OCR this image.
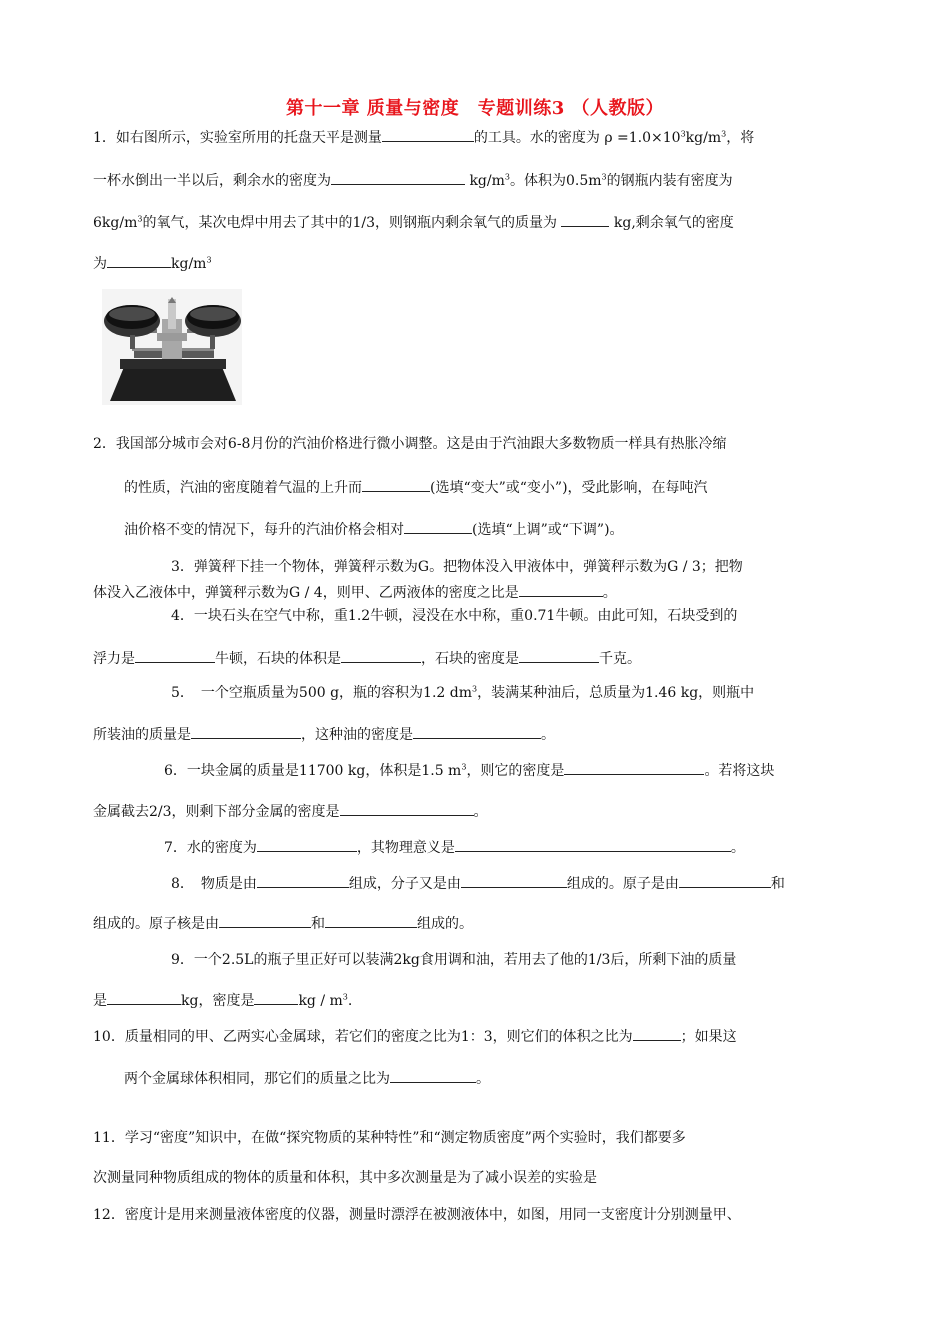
第十一章 质量与密度　专题训练3 （人教版）
1．如右图所示，实验室所用的托盘天平是测量	的工具。水的密度为 $\rho =1.0\times 10^3kg/m^3$，将
一杯水倒出一半以后，剩余水的密度为	$kg/m^3$。体积为$0.5m^3$的钢瓶内装有密度为
$6kg/m^3$的氧气，某次电焊中用去了其中的1/3，则钢瓶内剩余氧气的质量为	kg,剩余氧气的密度
为	$kg/m^3$
2．我国部分城市会对6-8月份的汽油价格进行微小调整。这是由于汽油跟大多数物质一样具有热胀冷缩
的性质，汽油的密度随着气温的上升而	(选填“变大”或“变小”)，受此影响，在每吨汽
油价格不变的情况下，每升的汽油价格会相对	(选填“上调”或“下调”)。
3．弹簧秤下挂一个物体，弹簧秤示数为G。把物体没入甲液体中，弹簧秤示数为G / 3；把物
体没入乙液体中，弹簧秤示数为G / 4，则甲、乙两液体的密度之比是	。
4．一块石头在空气中称，重1.2牛顿，浸没在水中称，重0.71牛顿。由此可知，石块受到的
浮力是	牛顿，石块的体积是	，石块的密度是	千克。
5．　一个空瓶质量为500 g，瓶的容积为1.2 $dm^3$，装满某种油后，总质量为1.46 kg，则瓶中
所装油的质量是	，这种油的密度是	。
6．一块金属的质量是11700 kg，体积是1.5 $m^3$，则它的密度是	。若将这块
金属截去2/3，则剩下部分金属的密度是	。
7．水的密度为	，其物理意义是	。
8．　物质是由	组成，分子又是由	组成的。原子是由	和
组成的。原子核是由	和	组成的。
9．一个2.5L的瓶子里正好可以装满2kg食用调和油，若用去了他的1/3后，所剩下油的质量
是	kg，密度是	kg / $m^3$.
10．质量相同的甲、乙两实心金属球，若它们的密度之比为1：3，则它们的体积之比为	；如果这
两个金属球体积相同，那它们的质量之比为	。
11．学习“密度”知识中，在做“探究物质的某种特性”和“测定物质密度”两个实验时，我们都要多
次测量同种物质组成的物体的质量和体积，其中多次测量是为了减小误差的实验是
12．密度计是用来测量液体密度的仪器，测量时漂浮在被测液体中，如图，用同一支密度计分别测量甲、
